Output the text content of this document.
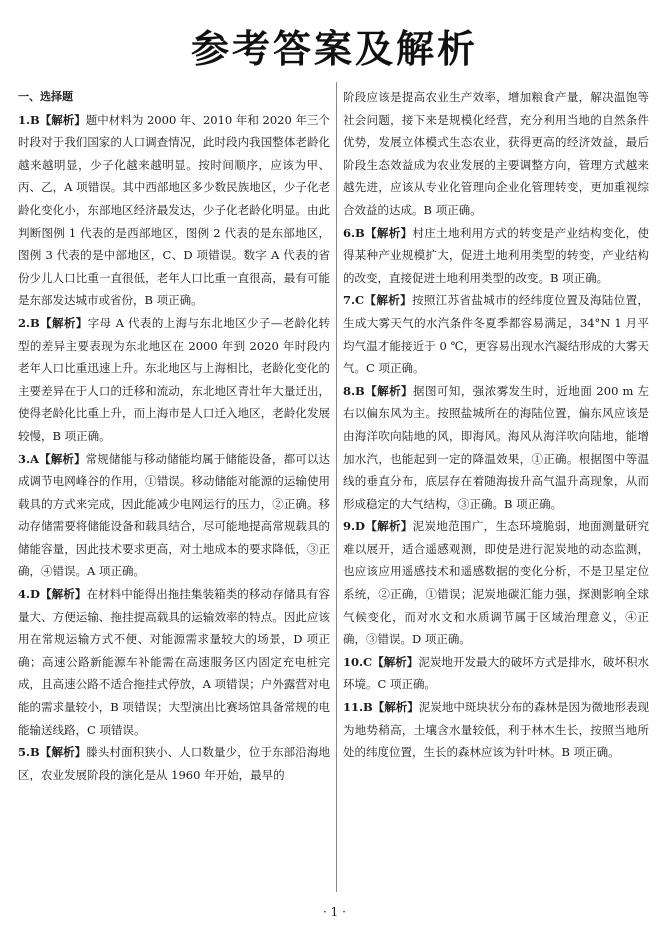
参考答案及解析
一、选择题

1.B【解析】题中材料为 2000 年、2010 年和 2020 年三个时段对于我们国家的人口调查情况，此时段内我国整体老龄化越来越明显，少子化越来越明显。按时间顺序，应该为甲、丙、乙，A 项错误。其中西部地区多少数民族地区，少子化老龄化变化小，东部地区经济最发达，少子化老龄化明显。由此判断图例 1 代表的是西部地区，图例 2 代表的是东部地区，图例 3 代表的是中部地区，C、D 项错误。数字 A 代表的省份少儿人口比重一直很低，老年人口比重一直很高，最有可能是东部发达城市或省份，B 项正确。

2.B【解析】字母 A 代表的上海与东北地区少子—老龄化转型的差异主要表现为东北地区在 2000 年到 2020 年时段内老年人口比重迅速上升。东北地区与上海相比，老龄化变化的主要差异在于人口的迁移和流动，东北地区青壮年大量迁出，使得老龄化比重上升，而上海市是人口迁入地区，老龄化发展较慢，B 项正确。

3.A【解析】常规储能与移动储能均属于储能设备，都可以达成调节电网峰谷的作用，①错误。移动储能对能源的运输使用载具的方式来完成，因此能减少电网运行的压力，②正确。移动存储需要将储能设备和载具结合，尽可能地提高常规载具的储能容量，因此技术要求更高，对土地成本的要求降低，③正确，④错误。A 项正确。

4.D【解析】在材料中能得出拖挂集装箱类的移动存储具有容量大、方便运输、拖挂提高载具的运输效率的特点。因此应该用在常规运输方式不便、对能源需求量较大的场景，D 项正确；高速公路新能源车补能需在高速服务区内固定充电桩完成，且高速公路不适合拖挂式停放，A 项错误；户外露营对电能的需求量较小，B 项错误；大型演出比赛场馆具备常规的电能输送线路，C 项错误。

5.B【解析】滕头村面积狭小、人口数量少，位于东部沿海地区，农业发展阶段的演化是从 1960 年开始，最早的

阶段应该是提高农业生产效率，增加粮食产量，解决温饱等社会问题，接下来是规模化经营，充分利用当地的自然条件优势，发展立体模式生态农业，获得更高的经济效益，最后阶段生态效益成为农业发展的主要调整方向，管理方式越来越先进，应该从专业化管理向企业化管理转变，更加重视综合效益的达成。B 项正确。

6.B【解析】村庄土地利用方式的转变是产业结构变化，使得某种产业规模扩大，促进土地利用类型的转变，产业结构的改变，直接促进土地利用类型的改变。B 项正确。

7.C【解析】按照江苏省盐城市的经纬度位置及海陆位置，生成大雾天气的水汽条件冬夏季都容易满足，34°N 1 月平均气温才能接近于 0 ℃，更容易出现水汽凝结形成的大雾天气。C 项正确。

8.B【解析】据图可知，强浓雾发生时，近地面 200 m 左右以偏东风为主。按照盐城所在的海陆位置，偏东风应该是由海洋吹向陆地的风，即海风。海风从海洋吹向陆地，能增加水汽，也能起到一定的降温效果，①正确。根据图中等温线的垂直分布，底层存在着随海拔升高气温升高现象，从而形成稳定的大气结构，③正确。B 项正确。

9.D【解析】泥炭地范围广，生态环境脆弱，地面测量研究难以展开，适合遥感观测，即使是进行泥炭地的动态监测，也应该应用遥感技术和遥感数据的变化分析，不是卫星定位系统，②正确，①错误；泥炭地碳汇能力强，探测影响全球气候变化，而对水文和水质调节属于区域治理意义，④正确，③错误。D 项正确。

10.C【解析】泥炭地开发最大的破坏方式是排水，破坏积水环境。C 项正确。

11.B【解析】泥炭地中斑块状分布的森林是因为微地形表现为地势稍高，土壤含水量较低，利于林木生长，按照当地所处的纬度位置，生长的森林应该为针叶林。B 项正确。

· 1 ·
